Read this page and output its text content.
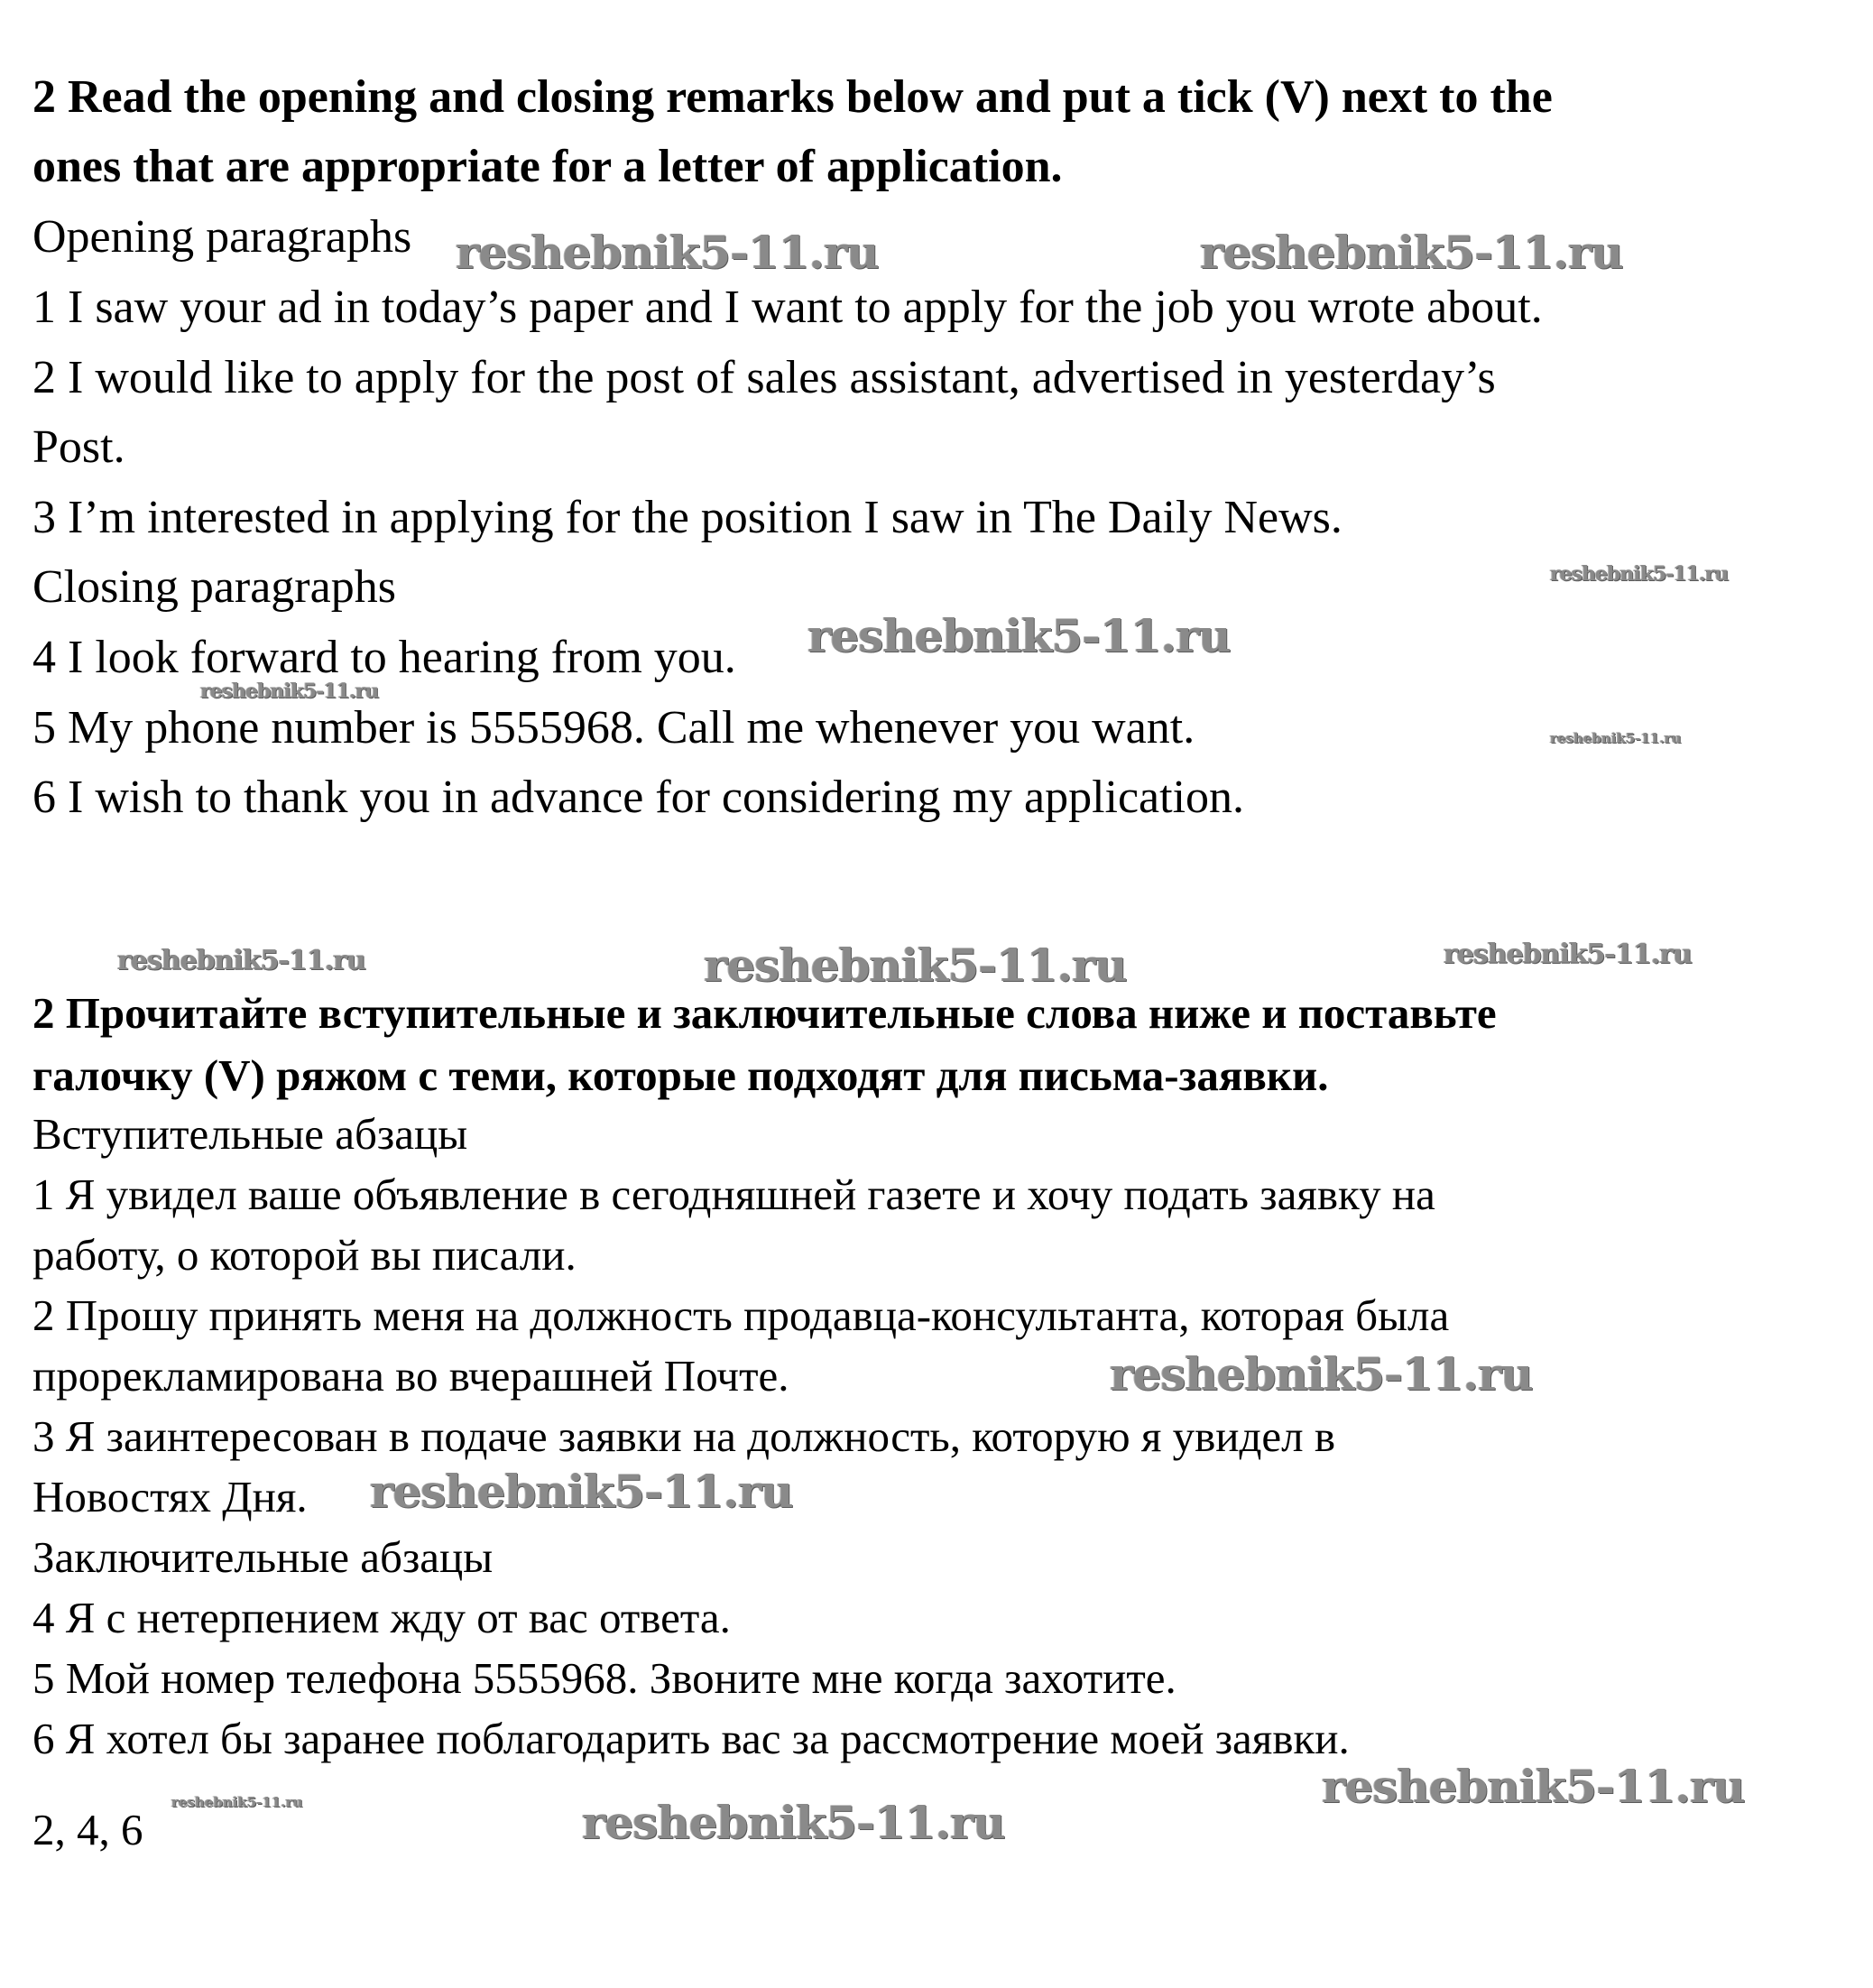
2 Read the opening and closing remarks below and put a tick (V) next to the
ones that are appropriate for a letter of application.
Opening paragraphs
1 I saw your ad in today’s paper and I want to apply for the job you wrote about.
2 I would like to apply for the post of sales assistant, advertised in yesterday’s
Post.
3 I’m interested in applying for the position I saw in The Daily News.
Closing paragraphs
4 I look forward to hearing from you.
5 My phone number is 5555968. Call me whenever you want.
6 I wish to thank you in advance for considering my application.
2 Прочитайте вступительные и заключительные слова ниже и поставьте
галочку (V) ряжом с теми, которые подходят для письма-заявки.
Вступительные абзацы
1 Я увидел ваше объявление в сегодняшней газете и хочу подать заявку на
работу, о которой вы писали.
2 Прошу принять меня на должность продавца-консультанта, которая была
прорекламирована во вчерашней Почте.
3 Я заинтересован в подаче заявки на должность, которую я увидел в
Новостях Дня.
Заключительные абзацы
4 Я с нетерпением жду от вас ответа.
5 Мой номер телефона 5555968. Звоните мне когда захотите.
6 Я хотел бы заранее поблагодарить вас за рассмотрение моей заявки.
2, 4, 6
reshebnik5-11.ru	reshebnik5-11.ru
reshebnik5-11.ru
reshebnik5-11.ru
reshebnik5-11.ru
reshebnik5-11.ru
reshebnik5-11.ru	reshebnik5-11.ru	reshebnik5-11.ru
reshebnik5-11.ru
reshebnik5-11.ru
reshebnik5-11.ru
reshebnik5-11.ru	reshebnik5-11.ru
